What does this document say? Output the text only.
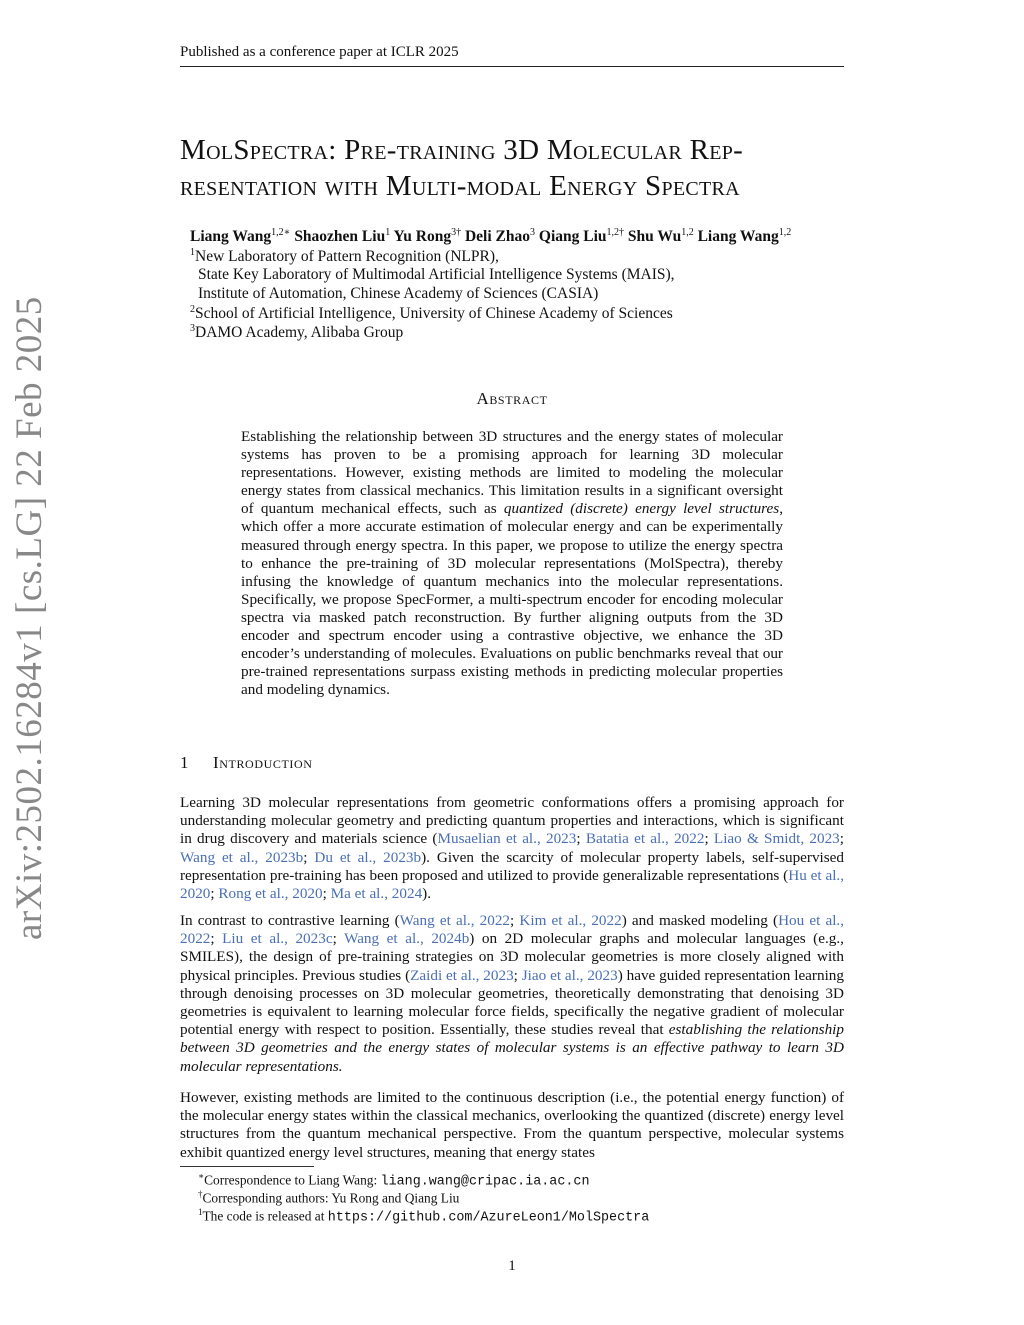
Published as a conference paper at ICLR 2025
arXiv:2502.16284v1 [cs.LG] 22 Feb 2025
MolSpectra: Pre-training 3D Molecular Rep-
resentation with Multi-modal Energy Spectra
Liang Wang$^{1,2∗}$ Shaozhen Liu$^1$ Yu Rong$^{3\dagger}$ Deli Zhao$^3$ Qiang Liu$^{1,2\dagger}$ Shu Wu$^{1,2}$ Liang Wang$^{1,2}$
$^1$New Laboratory of Pattern Recognition (NLPR),
State Key Laboratory of Multimodal Artificial Intelligence Systems (MAIS),
Institute of Automation, Chinese Academy of Sciences (CASIA)
$^2$School of Artificial Intelligence, University of Chinese Academy of Sciences
$^3$DAMO Academy, Alibaba Group
Abstract
Establishing the relationship between 3D structures and the energy states of molecular systems has proven to be a promising approach for learning 3D molecular representations. However, existing methods are limited to modeling the molecular energy states from classical mechanics. This limitation results in a significant oversight of quantum mechanical effects, such as quantized (discrete) energy level structures, which offer a more accurate estimation of molecular energy and can be experimentally measured through energy spectra. In this paper, we propose to utilize the energy spectra to enhance the pre-training of 3D molecular representations (MolSpectra), thereby infusing the knowledge of quantum mechanics into the molecular representations. Specifically, we propose SpecFormer, a multi-spectrum encoder for encoding molecular spectra via masked patch reconstruction. By further aligning outputs from the 3D encoder and spectrum encoder using a contrastive objective, we enhance the 3D encoder’s understanding of molecules. Evaluations on public benchmarks reveal that our pre-trained representations surpass existing methods in predicting molecular properties and modeling dynamics.
1 Introduction
Learning 3D molecular representations from geometric conformations offers a promising approach for understanding molecular geometry and predicting quantum properties and interactions, which is significant in drug discovery and materials science (Musaelian et al., 2023; Batatia et al., 2022; Liao & Smidt, 2023; Wang et al., 2023b; Du et al., 2023b). Given the scarcity of molecular property labels, self-supervised representation pre-training has been proposed and utilized to provide generalizable representations (Hu et al., 2020; Rong et al., 2020; Ma et al., 2024).
In contrast to contrastive learning (Wang et al., 2022; Kim et al., 2022) and masked modeling (Hou et al., 2022; Liu et al., 2023c; Wang et al., 2024b) on 2D molecular graphs and molecular languages (e.g., SMILES), the design of pre-training strategies on 3D molecular geometries is more closely aligned with physical principles. Previous studies (Zaidi et al., 2023; Jiao et al., 2023) have guided representation learning through denoising processes on 3D molecular geometries, theoretically demonstrating that denoising 3D geometries is equivalent to learning molecular force fields, specifically the negative gradient of molecular potential energy with respect to position. Essentially, these studies reveal that establishing the relationship between 3D geometries and the energy states of molecular systems is an effective pathway to learn 3D molecular representations.
However, existing methods are limited to the continuous description (i.e., the potential energy function) of the molecular energy states within the classical mechanics, overlooking the quantized (discrete) energy level structures from the quantum mechanical perspective. From the quantum perspective, molecular systems exhibit quantized energy level structures, meaning that energy states
∗Correspondence to Liang Wang: liang.wang@cripac.ia.ac.cn
†Corresponding authors: Yu Rong and Qiang Liu
$^1$The code is released at https://github.com/AzureLeon1/MolSpectra
1
